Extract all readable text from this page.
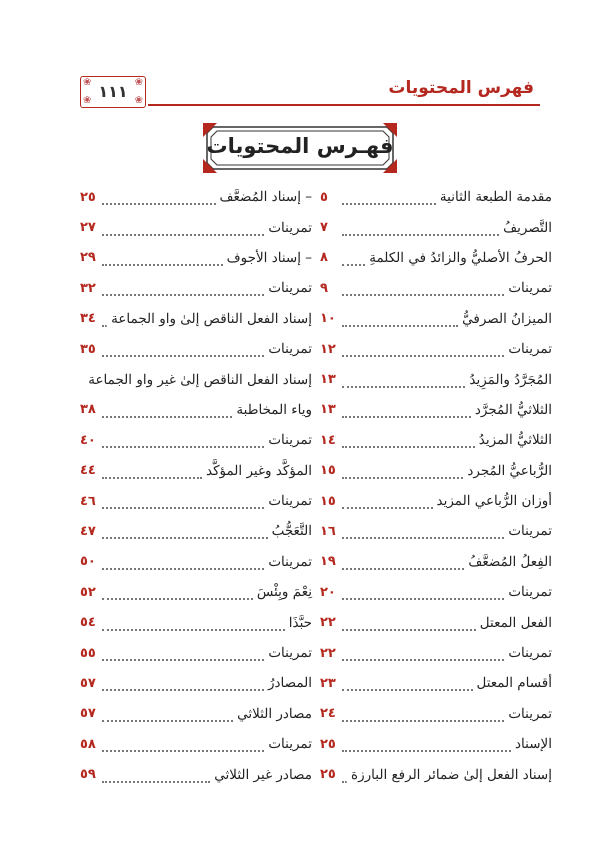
فهرس المحتويات
❀	❀
❀	❀
١١١
فهـرس المحتويات
مقدمة الطبعة الثانية
٥
التَّصريفُ
٧
الحرفُ الأصليُّ والزائدُ في الكلمةِ
٨
تمرينات
٩
الميزانُ الصرفيُّ
١٠
تمرينات
١٢
المُجَرَّدُ والمَزِيدُ
١٣
الثلاثيُّ المُجرَّد
١٣
الثلاثيُّ المزيدُ
١٤
الرُّباعيُّ المُجرد
١٥
أوزان الرُّباعي المزيد
١٥
تمرينات
١٦
الفِعلُ المُضعَّفُ
١٩
تمرينات
٢٠
الفعل المعتل
٢٢
تمرينات
٢٢
أقسام المعتل
٢٣
تمرينات
٢٤
الإسناد
٢٥
إسناد الفعل إلىٰ ضمائر الرفع البارزة
٢٥
– إسناد المُضعَّف
٢٥
تمرينات
٢٧
– إسناد الأجوف
٢٩
تمرينات
٣٢
إسناد الفعل الناقص إلىٰ واو الجماعة
٣٤
تمرينات
٣٥
إسناد الفعل الناقص إلىٰ غير واو الجماعة
وياء المخاطبة
٣٨
تمرينات
٤٠
المؤكَّد وغير المؤكَّد
٤٤
تمرينات
٤٦
التَّعَجُّبُ
٤٧
تمرينات
٥٠
نِعْمَ وبِئْسَ
٥٢
حبَّذَا
٥٤
تمرينات
٥٥
المصادرُ
٥٧
مصادر الثلاثي
٥٧
تمرينات
٥٨
مصادر غير الثلاثي
٥٩
